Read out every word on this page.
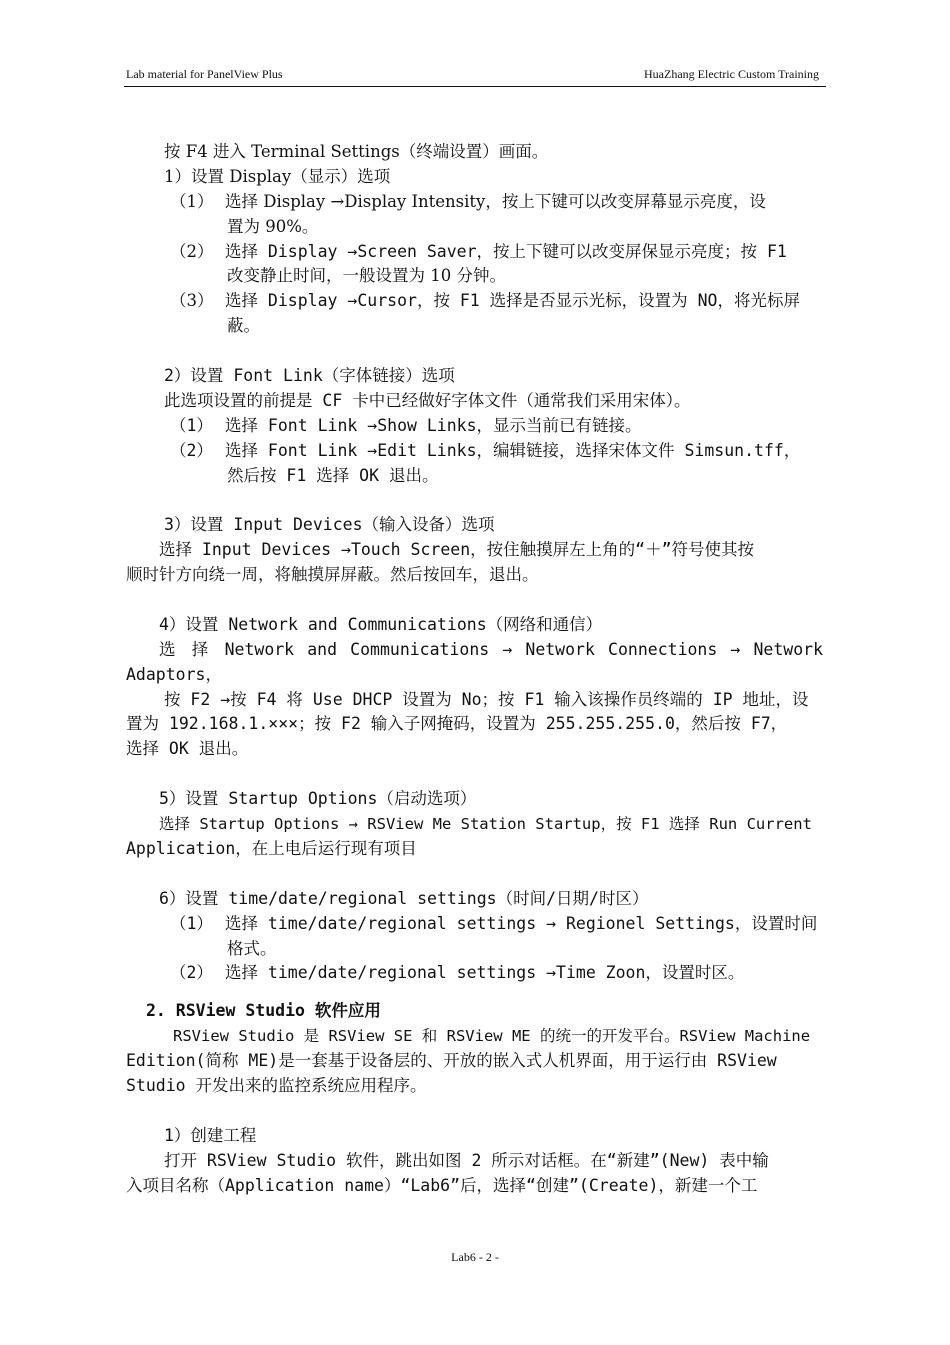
Lab material for PanelView Plus	HuaZhang Electric Custom Training
按 F4 进入 Terminal Settings（终端设置）画面。
1）设置 Display（显示）选项
（1） 选择 Display →Display Intensity，按上下键可以改变屏幕显示亮度，设
置为 90%。
（2） 选择 Display →Screen Saver，按上下键可以改变屏保显示亮度；按 F1
改变静止时间，一般设置为 10 分钟。
（3） 选择 Display →Cursor，按 F1 选择是否显示光标，设置为 NO，将光标屏
蔽。
2）设置 Font Link（字体链接）选项
此选项设置的前提是 CF 卡中已经做好字体文件（通常我们采用宋体）。
（1） 选择 Font Link →Show Links，显示当前已有链接。
（2） 选择 Font Link →Edit Links，编辑链接，选择宋体文件 Simsun.tff，
然后按 F1 选择 OK 退出。
3）设置 Input Devices（输入设备）选项
选择 Input Devices →Touch Screen，按住触摸屏左上角的“＋”符号使其按
顺时针方向绕一周，将触摸屏屏蔽。然后按回车，退出。
4）设置 Network and Communications（网络和通信）
选 择 Network and Communications → Network Connections → Network
Adaptors，
按 F2 →按 F4 将 Use DHCP 设置为 No；按 F1 输入该操作员终端的 IP 地址，设
置为 192.168.1.×××；按 F2 输入子网掩码，设置为 255.255.255.0，然后按 F7，
选择 OK 退出。
5）设置 Startup Options（启动选项）
选择 Startup Options → RSView Me Station Startup，按 F1 选择 Run Current
Application，在上电后运行现有项目
6）设置 time/date/regional settings（时间/日期/时区）
（1） 选择 time/date/regional settings → Regionel Settings，设置时间
格式。
（2） 选择 time/date/regional settings →Time Zoon，设置时区。
2. RSView Studio 软件应用
RSView Studio 是 RSView SE 和 RSView ME 的统一的开发平台。RSView Machine
Edition(简称 ME)是一套基于设备层的、开放的嵌入式人机界面，用于运行由 RSView
Studio 开发出来的监控系统应用程序。
1）创建工程
打开 RSView Studio 软件，跳出如图 2 所示对话框。在“新建”(New) 表中输
入项目名称（Application name）“Lab6”后，选择“创建”(Create)，新建一个工
Lab6 - 2 -
